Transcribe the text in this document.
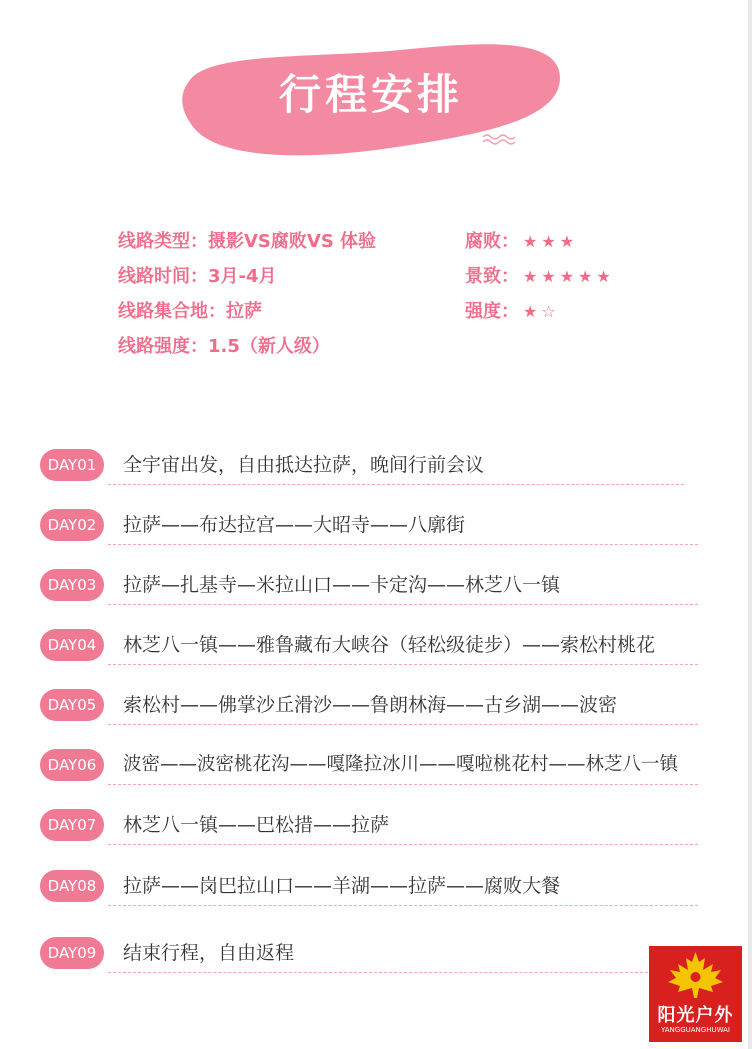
行程安排
线路类型：摄影VS腐败VS 体验
线路时间：3月-4月
线路集合地：拉萨
线路强度：1.5（新人级）
腐败： ★★★
景致： ★★★★★
强度： ★☆
DAY01	全宇宙出发，自由抵达拉萨，晚间行前会议
DAY02	拉萨——布达拉宫——大昭寺——八廓街
DAY03	拉萨—扎基寺—米拉山口——卡定沟——林芝八一镇
DAY04	林芝八一镇——雅鲁藏布大峡谷（轻松级徒步）——索松村桃花
DAY05	索松村——佛掌沙丘滑沙——鲁朗林海——古乡湖——波密
DAY06	波密——波密桃花沟——嘎隆拉冰川——嘎啦桃花村——林芝八一镇
DAY07	林芝八一镇——巴松措——拉萨
DAY08	拉萨——岗巴拉山口——羊湖——拉萨——腐败大餐
DAY09	结束行程，自由返程
阳光户外
YANGGUANGHUWAI
